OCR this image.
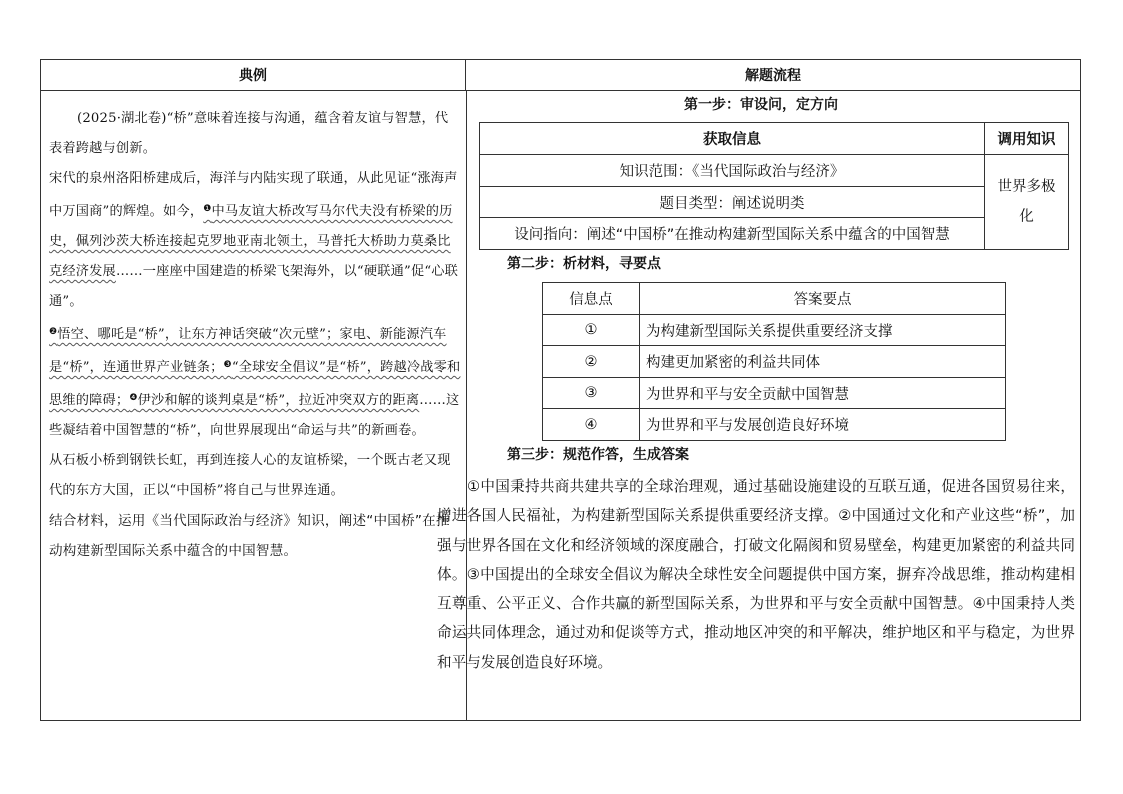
典例	解题流程

(2025·湖北卷)“桥”意味着连接与沟通，蕴含着友谊与智慧，代表着跨越与创新。

宋代的泉州洛阳桥建成后，海洋与内陆实现了联通，从此见证“涨海声中万国商”的辉煌。如今，$^❶$中马友谊大桥改写马尔代夫没有桥梁的历史，佩列沙茨大桥连接起克罗地亚南北领土，马普托大桥助力莫桑比克经济发展……一座座中国建造的桥梁飞架海外，以“硬联通”促“心联通”。

$^❷$悟空、哪吒是“桥”，让东方神话突破“次元壁”；家电、新能源汽车是“桥”，连通世界产业链条；$^❸$“全球安全倡议”是“桥”，跨越冷战零和思维的障碍；$^❹$伊沙和解的谈判桌是“桥”，拉近冲突双方的距离……这些凝结着中国智慧的“桥”，向世界展现出“命运与共”的新画卷。

从石板小桥到钢铁长虹，再到连接人心的友谊桥梁，一个既古老又现代的东方大国，正以“中国桥”将自己与世界连通。

结合材料，运用《当代国际政治与经济》知识，阐述“中国桥”在推动构建新型国际关系中蕴含的中国智慧。

第一步：审设问，定方向
获取信息	调用知识
知识范围：《当代国际政治与经济》	世界多极化
题目类型：阐述说明类	
设问指向：阐述“中国桥”在推动构建新型国际关系中蕴含的中国智慧	
第二步：析材料，寻要点
信息点	答案要点
①	为构建新型国际关系提供重要经济支撑
②	构建更加紧密的利益共同体
③	为世界和平与安全贡献中国智慧
④	为世界和平与发展创造良好环境
第三步：规范作答，生成答案

①中国秉持共商共建共享的全球治理观，通过基础设施建设的互联互通，促进各国贸易往来，增进各国人民福祉，为构建新型国际关系提供重要经济支撑。②中国通过文化和产业这些“桥”，加强与世界各国在文化和经济领域的深度融合，打破文化隔阂和贸易壁垒，构建更加紧密的利益共同体。③中国提出的全球安全倡议为解决全球性安全问题提供中国方案，摒弃冷战思维，推动构建相互尊重、公平正义、合作共赢的新型国际关系，为世界和平与安全贡献中国智慧。④中国秉持人类命运共同体理念，通过劝和促谈等方式，推动地区冲突的和平解决，维护地区和平与稳定，为世界和平与发展创造良好环境。
